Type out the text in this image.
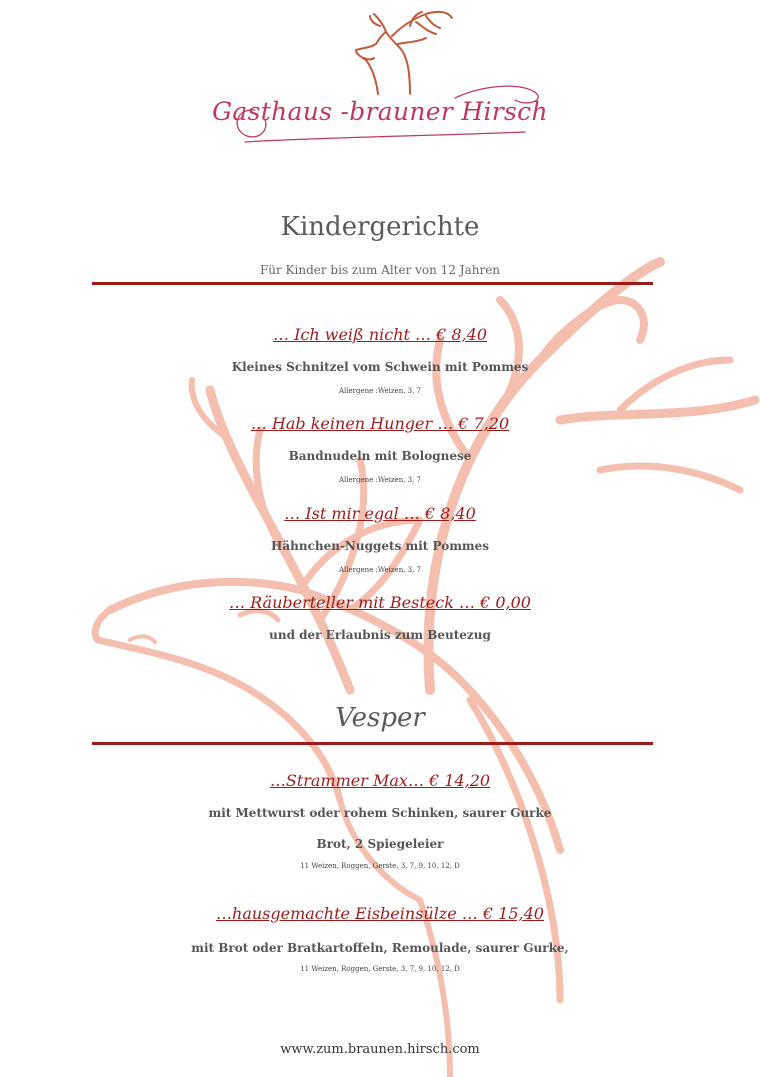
Gasthaus -brauner Hirsch
Kindergerichte
Für Kinder bis zum Alter von 12 Jahren
… Ich weiß nicht … € 8,40
Kleines Schnitzel vom Schwein mit Pommes
Allergene :Weizen, 3, 7
… Hab keinen Hunger … € 7,20
Bandnudeln mit Bolognese
Allergene :Weizen, 3, 7
… Ist mir egal … € 8,40
Hähnchen-Nuggets mit Pommes
Allergene :Weizen, 3, 7
… Räuberteller mit Besteck … € 0,00
und der Erlaubnis zum Beutezug
Vesper
…Strammer Max… € 14,20
mit Mettwurst oder rohem Schinken, saurer Gurke
Brot, 2 Spiegeleier
11 Weizen, Roggen, Gerste, 3, 7, 9, 10, 12, D
…hausgemachte Eisbeinsülze … € 15,40
mit Brot oder Bratkartoffeln, Remoulade, saurer Gurke,
11 Weizen, Roggen, Gerste, 3, 7, 9, 10, 12, D
www.zum.braunen.hirsch.com
